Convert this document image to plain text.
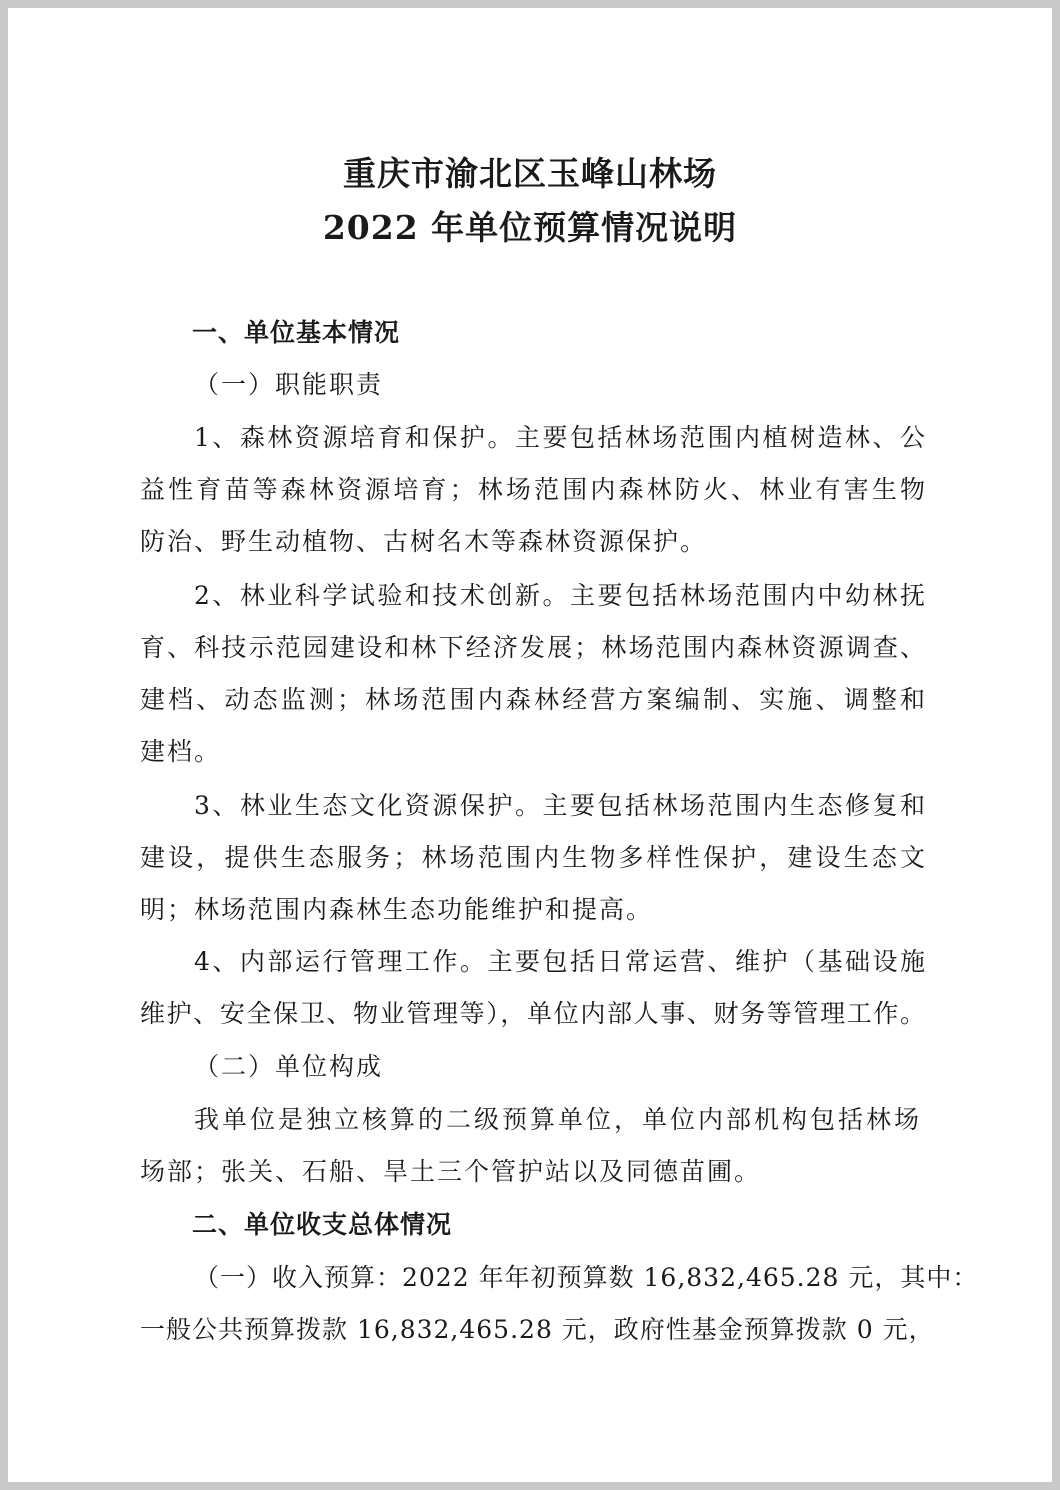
重庆市渝北区玉峰山林场
2022 年单位预算情况说明
一、单位基本情况
（一）职能职责
1、森林资源培育和保护。主要包括林场范围内植树造林、公
益性育苗等森林资源培育；林场范围内森林防火、林业有害生物
防治、野生动植物、古树名木等森林资源保护。
2、林业科学试验和技术创新。主要包括林场范围内中幼林抚
育、科技示范园建设和林下经济发展；林场范围内森林资源调查、
建档、动态监测；林场范围内森林经营方案编制、实施、调整和
建档。
3、林业生态文化资源保护。主要包括林场范围内生态修复和
建设，提供生态服务；林场范围内生物多样性保护，建设生态文
明；林场范围内森林生态功能维护和提高。
4、内部运行管理工作。主要包括日常运营、维护（基础设施
维护、安全保卫、物业管理等），单位内部人事、财务等管理工作。
（二）单位构成
我单位是独立核算的二级预算单位，单位内部机构包括林场
场部；张关、石船、旱土三个管护站以及同德苗圃。
二、单位收支总体情况
（一）收入预算：2022 年年初预算数 16,832,465.28 元，其中：
一般公共预算拨款 16,832,465.28 元，政府性基金预算拨款 0 元，
